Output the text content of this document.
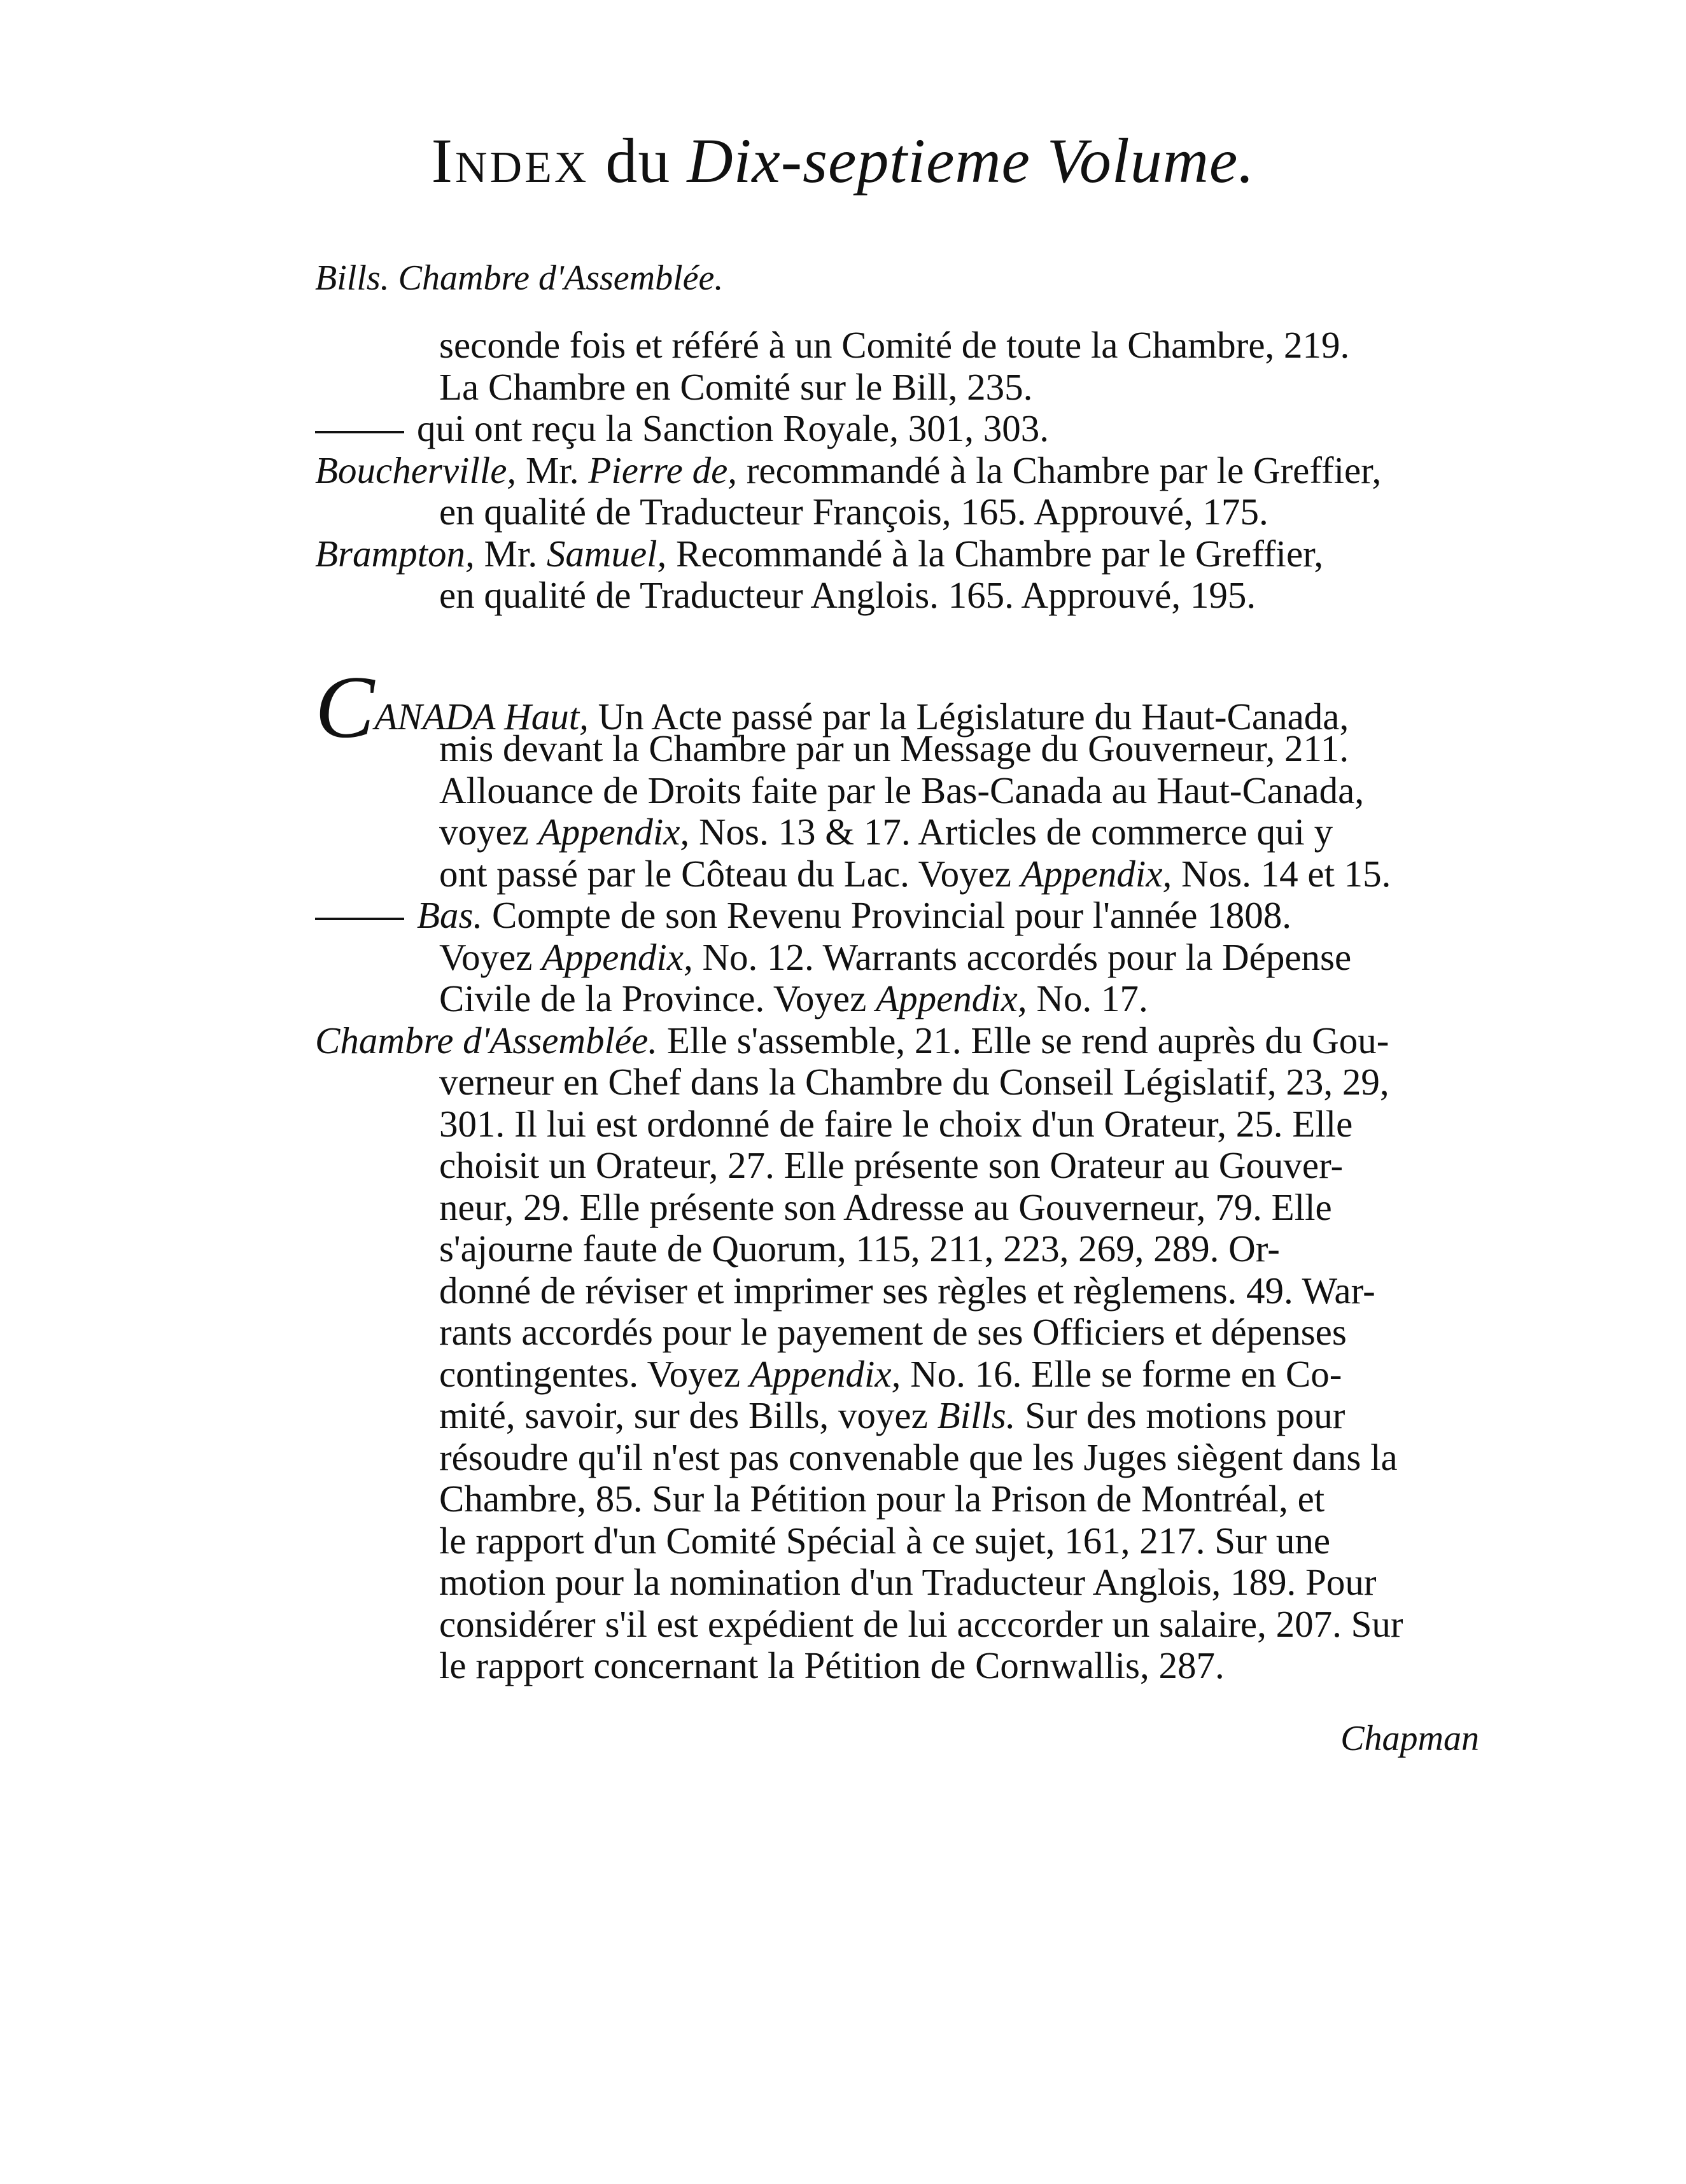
Index du Dix-septieme Volume.
Bills. Chambre d'Assemblée.
seconde fois et référé à un Comité de toute la Chambre, 219.
La Chambre en Comité sur le Bill, 235.
qui ont reçu la Sanction Royale, 301, 303.
Boucherville, Mr. Pierre de, recommandé à la Chambre par le Greffier,
en qualité de Traducteur François, 165. Approuvé, 175.
Brampton, Mr. Samuel, Recommandé à la Chambre par le Greffier,
en qualité de Traducteur Anglois. 165. Approuvé, 195.
CANADA Haut, Un Acte passé par la Législature du Haut-Canada,
mis devant la Chambre par un Message du Gouverneur, 211.
Allouance de Droits faite par le Bas-Canada au Haut-Canada,
voyez Appendix, Nos. 13 & 17. Articles de commerce qui y
ont passé par le Côteau du Lac. Voyez Appendix, Nos. 14 et 15.
Bas. Compte de son Revenu Provincial pour l'année 1808.
Voyez Appendix, No. 12. Warrants accordés pour la Dépense
Civile de la Province. Voyez Appendix, No. 17.
Chambre d'Assemblée. Elle s'assemble, 21. Elle se rend auprès du Gou-
verneur en Chef dans la Chambre du Conseil Législatif, 23, 29,
301. Il lui est ordonné de faire le choix d'un Orateur, 25. Elle
choisit un Orateur, 27. Elle présente son Orateur au Gouver-
neur, 29. Elle présente son Adresse au Gouverneur, 79. Elle
s'ajourne faute de Quorum, 115, 211, 223, 269, 289. Or-
donné de réviser et imprimer ses règles et règlemens. 49. War-
rants accordés pour le payement de ses Officiers et dépenses
contingentes. Voyez Appendix, No. 16. Elle se forme en Co-
mité, savoir, sur des Bills, voyez Bills. Sur des motions pour
résoudre qu'il n'est pas convenable que les Juges siègent dans la
Chambre, 85. Sur la Pétition pour la Prison de Montréal, et
le rapport d'un Comité Spécial à ce sujet, 161, 217. Sur une
motion pour la nomination d'un Traducteur Anglois, 189. Pour
considérer s'il est expédient de lui acccorder un salaire, 207. Sur
le rapport concernant la Pétition de Cornwallis, 287.
Chapman
